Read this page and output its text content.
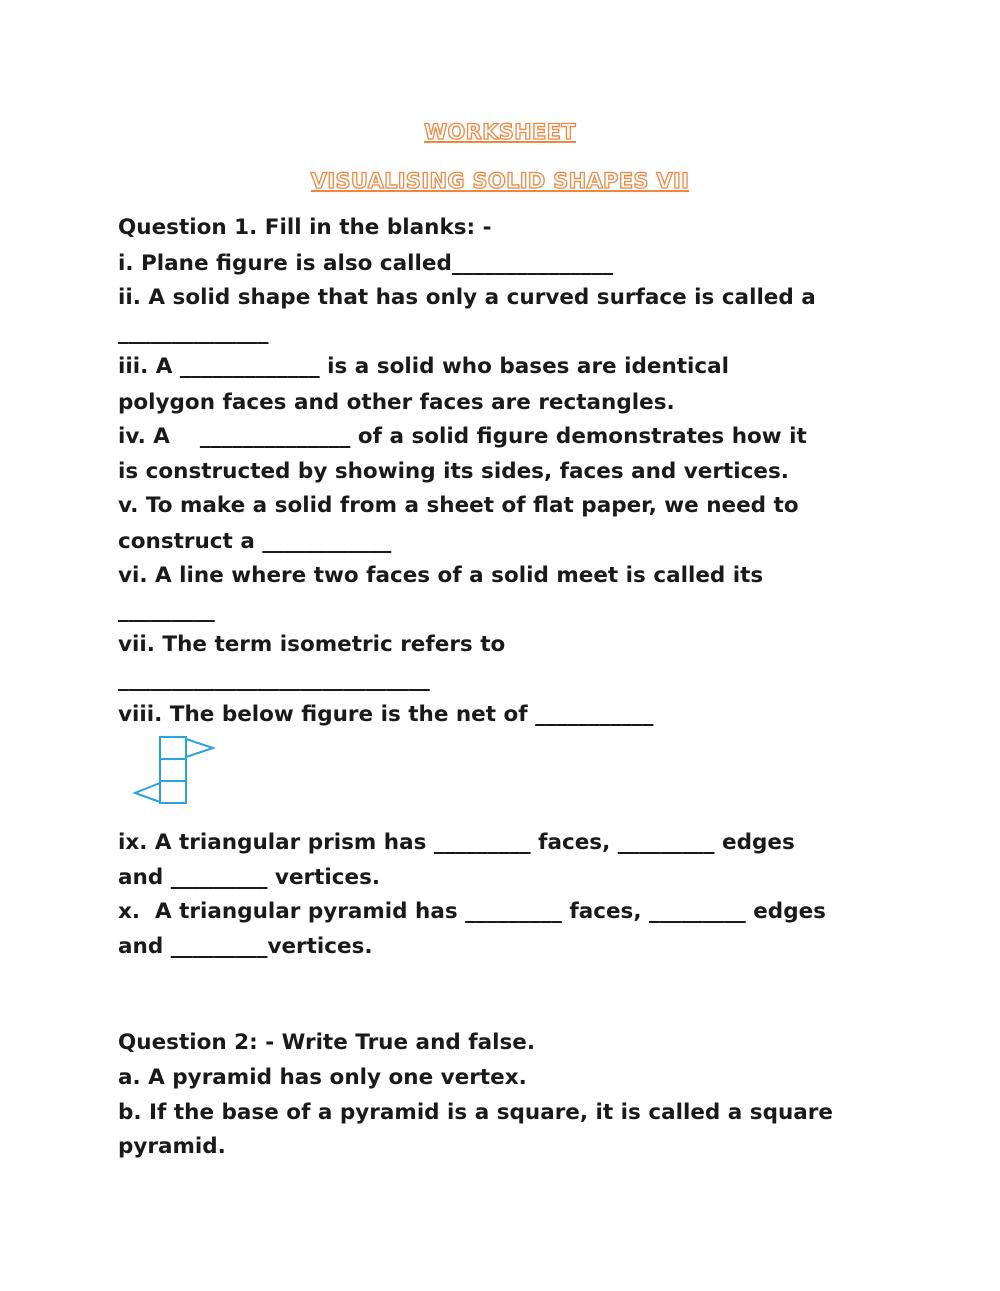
WORKSHEET
VISUALISING SOLID SHAPES VII
Question 1. Fill in the blanks: -
i. Plane figure is also called_______________
ii. A solid shape that has only a curved surface is called a
______________
iii. A _____________ is a solid who bases are identical
polygon faces and other faces are rectangles.
iv. A    ______________ of a solid figure demonstrates how it
is constructed by showing its sides, faces and vertices.
v. To make a solid from a sheet of flat paper, we need to
construct a ____________
vi. A line where two faces of a solid meet is called its
_________
vii. The term isometric refers to
_____________________________
viii. The below figure is the net of ___________
ix. A triangular prism has _________ faces, _________ edges
and _________ vertices.
x.  A triangular pyramid has _________ faces, _________ edges
and _________vertices.
Question 2: - Write True and false.
a. A pyramid has only one vertex.
b. If the base of a pyramid is a square, it is called a square
pyramid.
